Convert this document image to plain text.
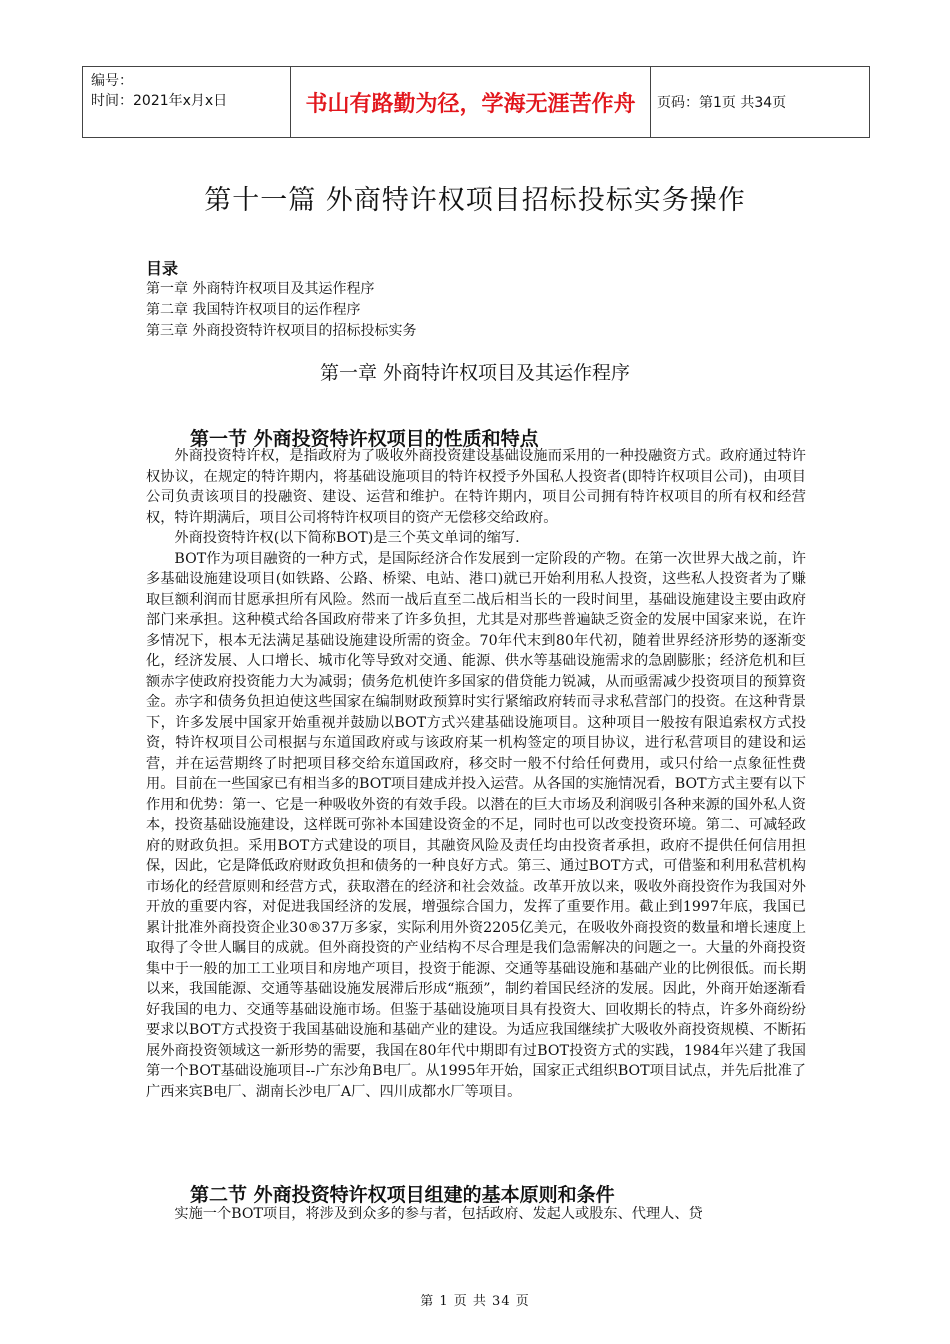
编号：
时间：2021年x月x日	书山有路勤为径，学海无涯苦作舟 页码：第1页 共34页
第十一篇 外商特许权项目招标投标实务操作
目录
第一章 外商特许权项目及其运作程序
第二章 我国特许权项目的运作程序
第三章 外商投资特许权项目的招标投标实务
第一章 外商特许权项目及其运作程序
第一节 外商投资特许权项目的性质和特点

外商投资特许权，是指政府为了吸收外商投资建设基础设施而采用的一种投融资方式。政府通过特许权协议，在规定的特许期内，将基础设施项目的特许权授予外国私人投资者(即特许权项目公司)，由项目公司负责该项目的投融资、建设、运营和维护。在特许期内，项目公司拥有特许权项目的所有权和经营权，特许期满后，项目公司将特许权项目的资产无偿移交给政府。

外商投资特许权(以下简称BOT)是三个英文单词的缩写.

BOT作为项目融资的一种方式，是国际经济合作发展到一定阶段的产物。在第一次世界大战之前，许多基础设施建设项目(如铁路、公路、桥梁、电站、港口)就已开始利用私人投资，这些私人投资者为了赚取巨额利润而甘愿承担所有风险。然而一战后直至二战后相当长的一段时间里，基础设施建设主要由政府部门来承担。这种模式给各国政府带来了许多负担，尤其是对那些普遍缺乏资金的发展中国家来说，在许多情况下，根本无法满足基础设施建设所需的资金。70年代末到80年代初，随着世界经济形势的逐渐变化，经济发展、人口增长、城市化等导致对交通、能源、供水等基础设施需求的急剧膨胀；经济危机和巨额赤字使政府投资能力大为减弱；债务危机使许多国家的借贷能力锐减，从而亟需减少投资项目的预算资金。赤字和债务负担迫使这些国家在编制财政预算时实行紧缩政府转而寻求私营部门的投资。在这种背景下，许多发展中国家开始重视并鼓励以BOT方式兴建基础设施项目。这种项目一般按有限追索权方式投资，特许权项目公司根据与东道国政府或与该政府某一机构签定的项目协议，进行私营项目的建设和运营，并在运营期终了时把项目移交给东道国政府，移交时一般不付给任何费用，或只付给一点象征性费用。目前在一些国家已有相当多的BOT项目建成并投入运营。从各国的实施情况看，BOT方式主要有以下作用和优势：第一、它是一种吸收外资的有效手段。以潜在的巨大市场及利润吸引各种来源的国外私人资本，投资基础设施建设，这样既可弥补本国建设资金的不足，同时也可以改变投资环境。第二、可减轻政府的财政负担。采用BOT方式建设的项目，其融资风险及责任均由投资者承担，政府不提供任何信用担保，因此，它是降低政府财政负担和债务的一种良好方式。第三、通过BOT方式，可借鉴和利用私营机构市场化的经营原则和经营方式，获取潜在的经济和社会效益。改革开放以来，吸收外商投资作为我国对外开放的重要内容，对促进我国经济的发展，增强综合国力，发挥了重要作用。截止到1997年底，我国已累计批准外商投资企业30®37万多家，实际利用外资2205亿美元，在吸收外商投资的数量和增长速度上取得了令世人瞩目的成就。但外商投资的产业结构不尽合理是我们急需解决的问题之一。大量的外商投资集中于一般的加工工业项目和房地产项目，投资于能源、交通等基础设施和基础产业的比例很低。而长期以来，我国能源、交通等基础设施发展滞后形成“瓶颈”，制约着国民经济的发展。因此，外商开始逐渐看好我国的电力、交通等基础设施市场。但鉴于基础设施项目具有投资大、回收期长的特点，许多外商纷纷要求以BOT方式投资于我国基础设施和基础产业的建设。为适应我国继续扩大吸收外商投资规模、不断拓展外商投资领域这一新形势的需要，我国在80年代中期即有过BOT投资方式的实践，1984年兴建了我国第一个BOT基础设施项目--广东沙角B电厂。从1995年开始，国家正式组织BOT项目试点，并先后批准了广西来宾B电厂、湖南长沙电厂A厂、四川成都水厂等项目。

第二节 外商投资特许权项目组建的基本原则和条件

实施一个BOT项目，将涉及到众多的参与者，包括政府、发起人或股东、代理人、贷

第 1 页 共 34 页
